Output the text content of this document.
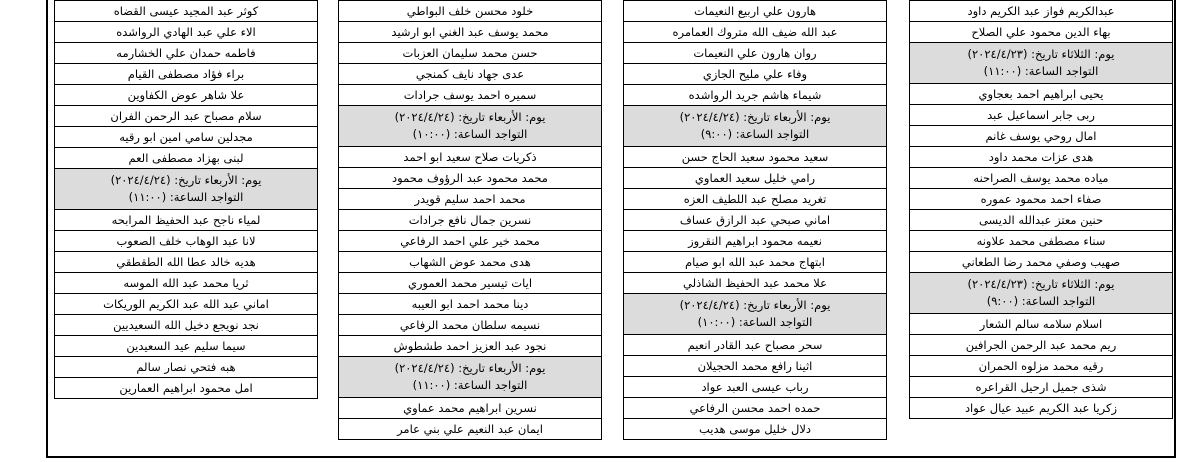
عبدالكريم فواز عبد الكريم داود
بهاء الدين محمود علي الصلاح

يوم: الثلاثاء تاريخ: (٢٠٢٤/٤/٢٣)
التواجد الساعة: (١١:٠٠)

يحيى ابراهيم احمد بعجاوي
ربى جابر اسماعيل عبد
امال روحي يوسف غانم
هدى عزات محمد داود
مياده محمد يوسف الصراحنه
صفاء احمد محمود عموره
حنين معتز عبدالله الديسى
سناء مصطفى محمد علاونه
صهيب وصفي محمد رضا الطعاني

يوم: الثلاثاء تاريخ: (٢٠٢٤/٤/٢٣)
التواجد الساعة: (٩:٠٠)

اسلام سلامه سالم الشعار
ريم محمد عبد الرحمن الجرافين
رقيه محمد مزلوه الحمران
شذى جميل ارحيل القراعره
زكريا عبد الكريم عبيد عيال عواد
هارون علي اربيع النعيمات
عبد الله ضيف الله متروك العمامره
روان هارون علي النعيمات
وفاء علي مليح الجازي
شيماء هاشم جريد الرواشده

يوم: الأربعاء تاريخ: (٢٠٢٤/٤/٢٤)
التواجد الساعة: (٩:٠٠)

سعيد محمود سعيد الحاج حسن
رامي خليل سعيد العماوي
تغريد مصلح عبد اللطيف العزه
اماني صبحي عبد الرازق عساف
نعيمه محمود ابراهيم النقروز
ابتهاج محمد عبد الله ابو صيام
علا محمد عبد الحفيظ الشاذلي

يوم: الأربعاء تاريخ: (٢٠٢٤/٤/٢٤)
التواجد الساعة: (١٠:٠٠)

سحر مصباح عبد القادر انعيم
اثينا رافع محمد الحجيلان
رباب عيسى العبد عواد
حمده احمد محسن الرفاعي
دلال خليل موسى هديب
خلود محسن خلف البواطي
محمد يوسف عبد الغني ابو ارشيد
حسن محمد سليمان العزبات
عدى جهاد نايف كمنجي
سميره احمد يوسف جرادات

يوم: الأربعاء تاريخ: (٢٠٢٤/٤/٢٤)
التواجد الساعة: (١٠:٠٠)

ذكريات صلاح سعيد ابو احمد
محمد محمود عبد الرؤوف محمود
محمد احمد سليم قويدر
نسرين جمال نافع جرادات
محمد خير علي احمد الرفاعي
هدى محمد عوض الشهاب
ايات تيسير محمد العموري
دينا محمد احمد ابو العيبه
نسيمه سلطان محمد الرفاعي
نجود عبد العزيز احمد طشطوش

يوم: الأربعاء تاريخ: (٢٠٢٤/٤/٢٤)
التواجد الساعة: (١١:٠٠)

نسرين ابراهيم محمد عماوي
ايمان عبد النعيم علي بني عامر
كوثر عبد المجيد عيسى القضاه
الاء علي عبد الهادي الرواشده
فاطمه حمدان علي الخشارمه
براء فؤاد مصطفى القيام
علا شاهر عوض الكفاوين
سلام مصباح عبد الرحمن الفران
مجدلين سامي امين ابو رقيه
لبنى بهزاد مصطفى العم

يوم: الأربعاء تاريخ: (٢٠٢٤/٤/٢٤)
التواجد الساعة: (١١:٠٠)

لمياء ناجح عبد الحفيظ المرابحه
لانا عبد الوهاب خلف الصعوب
هديه خالد عطا الله الطقطقي
ثريا محمد عبد الله الموسه
اماني عبد الله عبد الكريم الوريكات
نجد نويجع دخيل الله السعيديين
سيما سليم عيد السعيدين
هبه فتحي نصار سالم
امل محمود ابراهيم العمارين
